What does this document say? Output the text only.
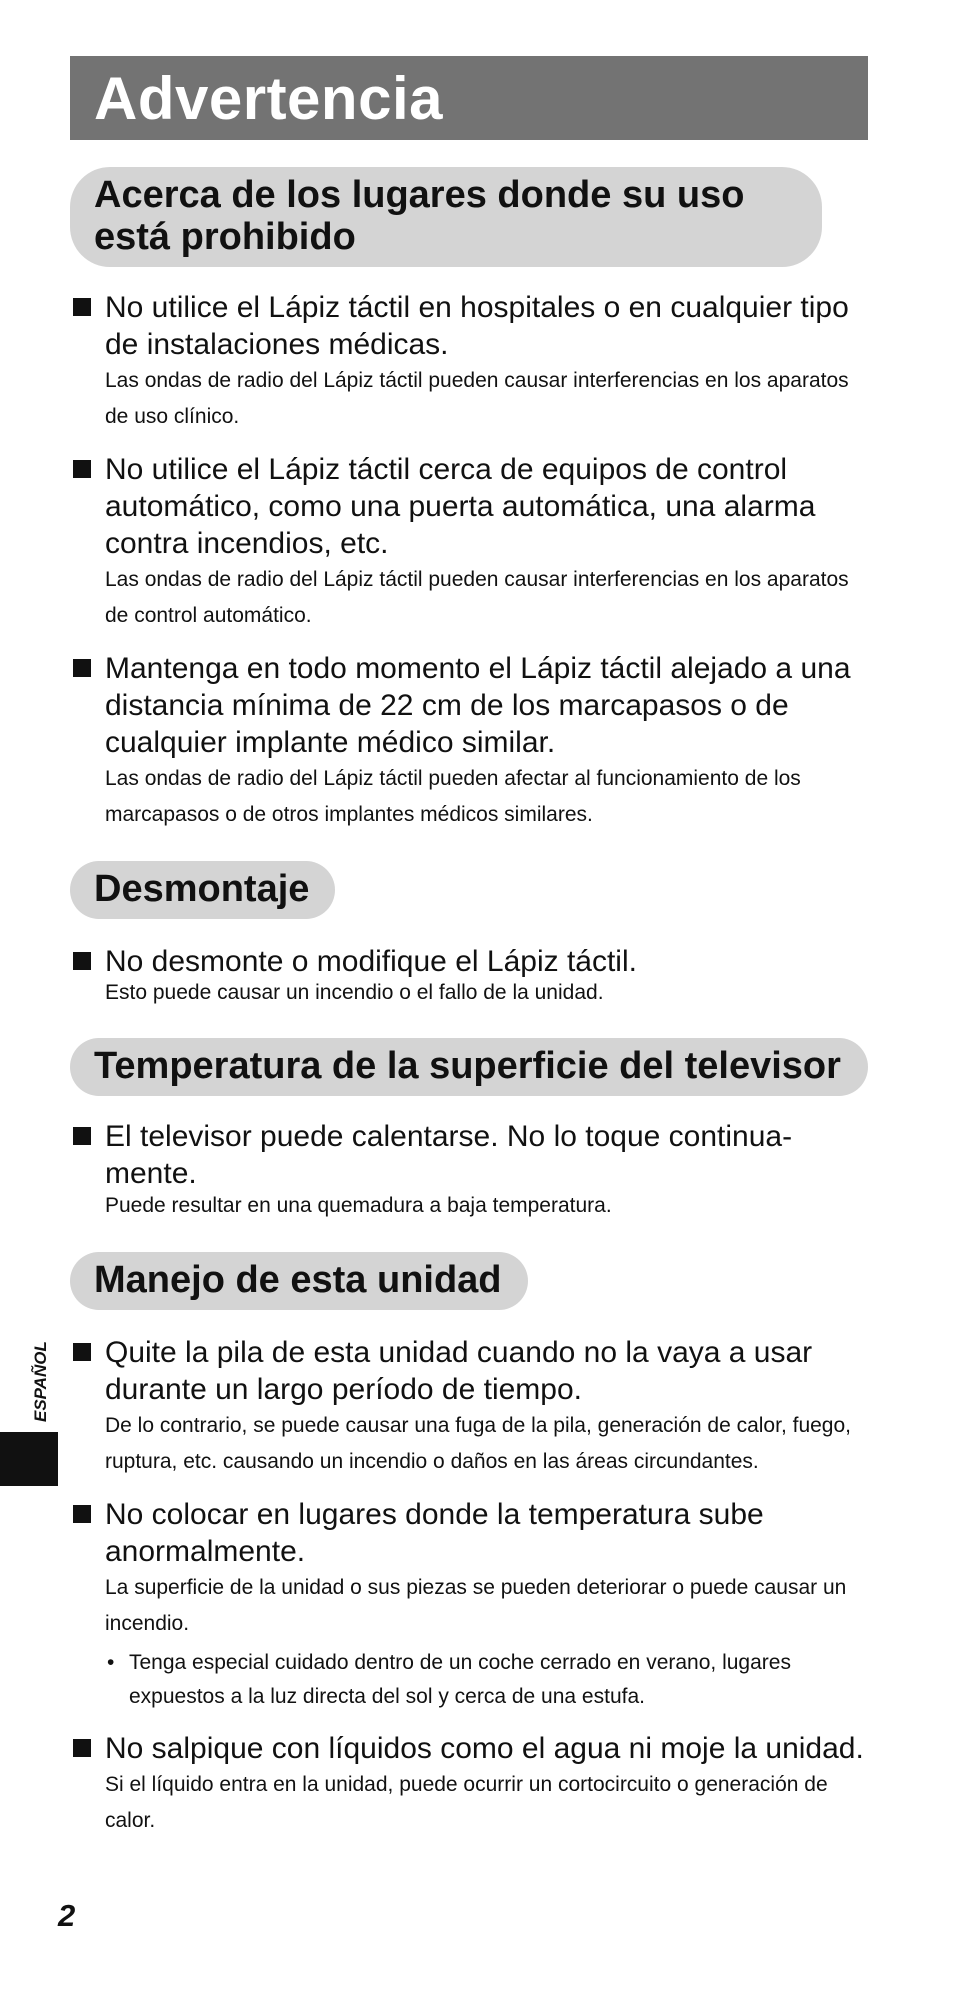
Advertencia
Acerca de los lugares donde su uso está prohibido
No utilice el Lápiz táctil en hospitales o en cualquier tipo de instalaciones médicas.
Las ondas de radio del Lápiz táctil pueden causar interferencias en los aparatos de uso clínico.
No utilice el Lápiz táctil cerca de equipos de control automático, como una puerta automática, una alarma contra incendios, etc.
Las ondas de radio del Lápiz táctil pueden causar interferencias en los aparatos de control automático.
Mantenga en todo momento el Lápiz táctil alejado a una distancia mínima de 22 cm de los marcapasos o de cualquier implante médico similar.
Las ondas de radio del Lápiz táctil pueden afectar al funcionamiento de los marcapasos o de otros implantes médicos similares.
Desmontaje
No desmonte o modifique el Lápiz táctil.
Esto puede causar un incendio o el fallo de la unidad.
Temperatura de la superficie del televisor
El televisor puede calentarse. No lo toque continua-mente.
Puede resultar en una quemadura a baja temperatura.
Manejo de esta unidad
Quite la pila de esta unidad cuando no la vaya a usar durante un largo período de tiempo.
De lo contrario, se puede causar una fuga de la pila, generación de calor, fuego, ruptura, etc. causando un incendio o daños en las áreas circundantes.
No colocar en lugares donde la temperatura sube anormalmente.
La superficie de la unidad o sus piezas se pueden deteriorar o puede causar un incendio.
• Tenga especial cuidado dentro de un coche cerrado en verano, lugares expuestos a la luz directa del sol y cerca de una estufa.
No salpique con líquidos como el agua ni moje la unidad.
Si el líquido entra en la unidad, puede ocurrir un cortocircuito o generación de calor.
ESPAÑOL
2
